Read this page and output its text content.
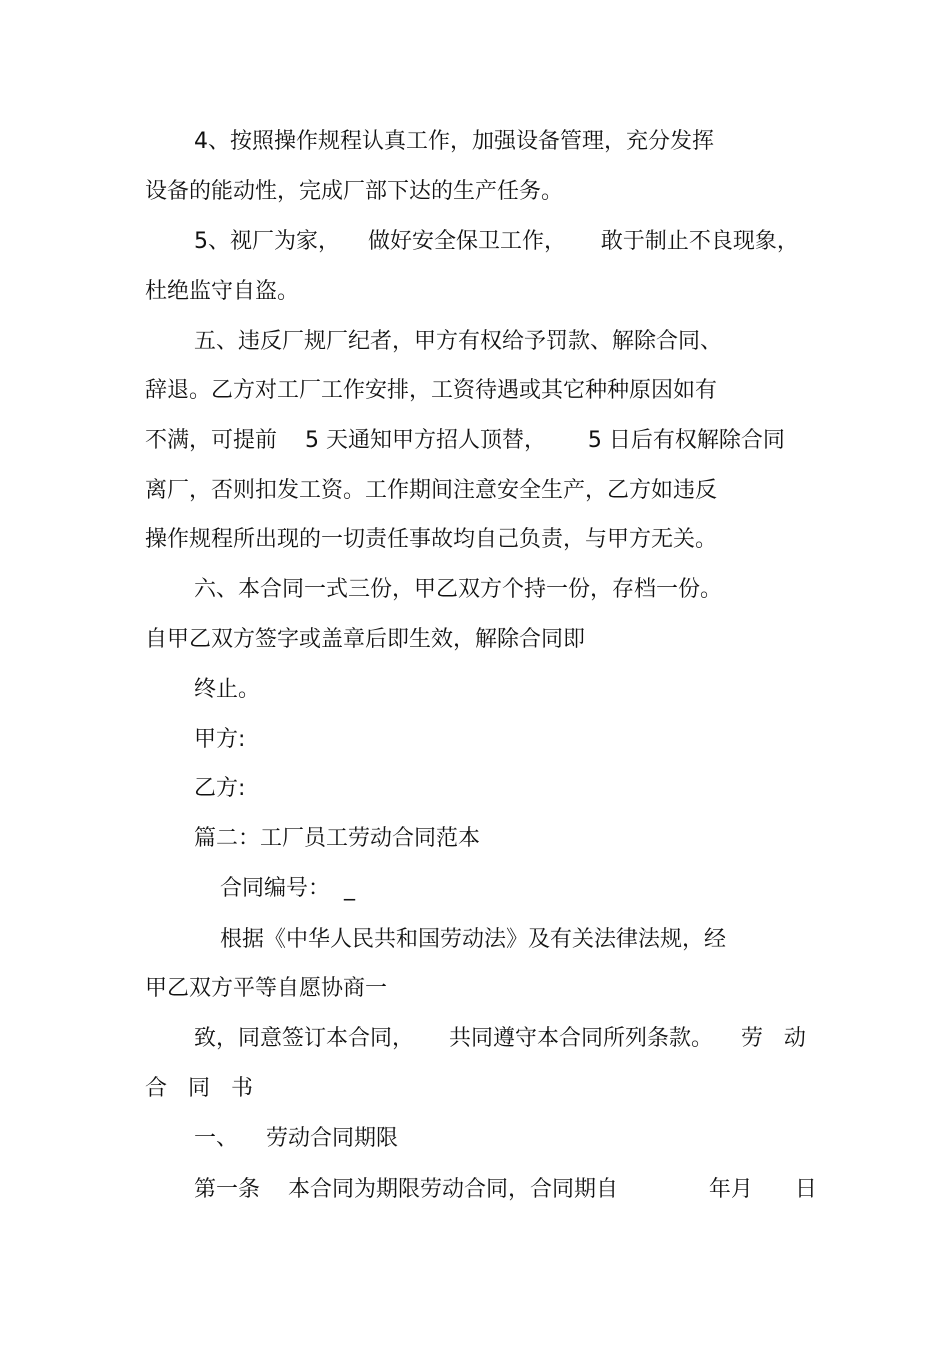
4、按照操作规程认真工作，加强设备管理，充分发挥
设备的能动性，完成厂部下达的生产任务。
5、视厂为家，    做好安全保卫工作，     敢于制止不良现象，
杜绝监守自盗。
五、违反厂规厂纪者，甲方有权给予罚款、解除合同、
辞退。乙方对工厂工作安排，工资待遇或其它种种原因如有
不满，可提前    5 天通知甲方招人顶替，      5 日后有权解除合同
离厂，否则扣发工资。工作期间注意安全生产，乙方如违反
操作规程所出现的一切责任事故均自己负责，与甲方无关。
六、本合同一式三份，甲乙双方个持一份，存档一份。
自甲乙双方签字或盖章后即生效，解除合同即
终止。
甲方:
乙方:
篇二：工厂员工劳动合同范本
合同编号：  _
根据《中华人民共和国劳动法》及有关法律法规，经
甲乙双方平等自愿协商一
致，同意签订本合同，     共同遵守本合同所列条款。    劳   动
合   同   书
一、    劳动合同期限
第一条    本合同为期限劳动合同，合同期自             年月      日
